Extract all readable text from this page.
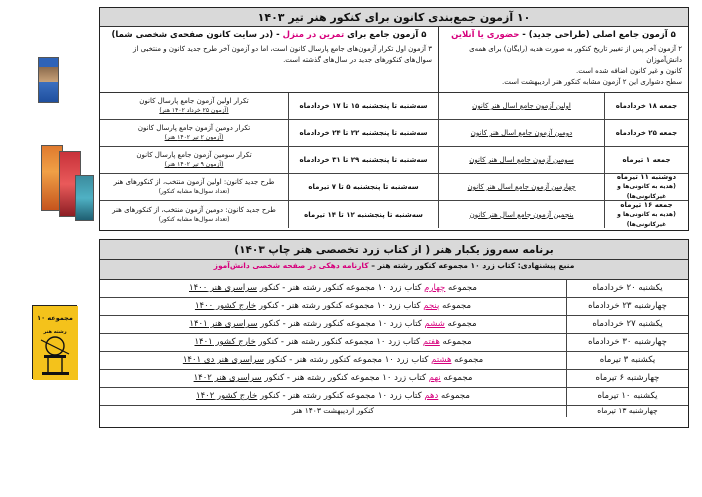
۱۰ آزمون جمع‌بندی کانون برای کنکور هنر تیر ۱۴۰۳
۵ آزمون جامع اصلی (طراحی جدید) - حضوری یا آنلاین
۲ آزمون آخر پس از تغییر تاریخ کنکور به صورت هدیه (رایگان) برای همه‌ی دانش‌آموزان
کانون و غیر کانون اضافه شده است.
سطح دشواری این ۲ آزمون مشابه کنکور هنر اردیبهشت است.
۵ آزمون جامع برای تمرین در منزل - (در سایت کانون صفحه‌ی شخصی شما)
۳ آزمون اول تکرار آزمون‌های جامع پارسال کانون است، اما دو آزمون آخر طرح جدید کانون و منتخبی از
سوال‌های کنکورهای جدید در سال‌های گذشته است.
جمعه ۱۸ خردادماه
اولین آزمون جامع اسال هنر کانون
سه‌شنبه تا پنجشنبه ۱۵ تا ۱۷ خردادماه
تکرار اولین آزمون جامع پارسال کانون
(آزمون ۲۵ خرداد ۱۴۰۲ هنر)
جمعه ۲۵ خردادماه
دومین آزمون جامع اسال هنر کانون
سه‌شنبه تا پنجشنبه ۲۲ تا ۲۴ خردادماه
تکرار دومین آزمون جامع پارسال کانون
(آزمون ۲ تیر ۱۴۰۲ هنر)
جمعه ۱ تیرماه
سومین آزمون جامع اسال هنر کانون
سه‌شنبه تا پنجشنبه ۲۹ تا ۳۱ خردادماه
تکرار سومین آزمون جامع پارسال کانون
(آزمون ۹ تیر ۱۴۰۲ هنر)
دوشنبه ۱۱ تیرماه
(هدیه به کانونی‌ها و غیرکانونی‌ها)
چهارمین آزمون جامع اسال هنر کانون
سه‌شنبه تا پنجشنبه ۵ تا ۷ تیرماه
طرح جدید کانون: اولین آزمون منتخب، از کنکورهای هنر
(تعداد سوال‌ها مشابه کنکور)
جمعه ۱۶ تیرماه
(هدیه به کانونی‌ها و غیرکانونی‌ها)
پنجمین آزمون جامع اسال هنر کانون
سه‌شنبه تا پنجشنبه ۱۲ تا ۱۴ تیرماه
طرح جدید کانون: دومین آزمون منتخب، از کنکورهای هنر
(تعداد سوال‌ها مشابه کنکور)
برنامه سه‌روز یکبار هنر ( از کتاب زرد تخصصی هنر چاپ ۱۴۰۳)
منبع پیشنهادی: کتاب زرد ۱۰ مجموعه کنکور رشته هنر – کارنامه دهکی در صفحه شخصی دانش‌آموز
یکشنبه ۲۰ خردادماه
مجموعه چهارم کتاب زرد ۱۰ مجموعه کنکور رشته هنر - کنکور سراسری هنر ۱۴۰۰
چهارشنبه ۲۳ خردادماه
مجموعه پنجم کتاب زرد ۱۰ مجموعه کنکور رشته هنر - کنکور خارج کشور ۱۴۰۰
یکشنبه ۲۷ خردادماه
مجموعه ششم کتاب زرد ۱۰ مجموعه کنکور رشته هنر - کنکور سراسری هنر ۱۴۰۱
چهارشنبه ۳۰ خردادماه
مجموعه هفتم کتاب زرد ۱۰ مجموعه کنکور رشته هنر - کنکور خارج کشور ۱۴۰۱
یکشنبه ۳ تیرماه
مجموعه هشتم کتاب زرد ۱۰ مجموعه کنکور رشته هنر - کنکور سراسری هنر دی ۱۴۰۱
چهارشنبه ۶ تیرماه
مجموعه نهم کتاب زرد ۱۰ مجموعه کنکور رشته هنر - کنکور سراسری هنر ۱۴۰۲
یکشنبه ۱۰ تیرماه
مجموعه دهم کتاب زرد ۱۰ مجموعه کنکور رشته هنر - کنکور خارج کشور ۱۴۰۲
چهارشنبه ۱۳ تیرماه
کنکور اردیبهشت ۱۴۰۳ هنر
۱۰ مجموعه
رشته هنر
